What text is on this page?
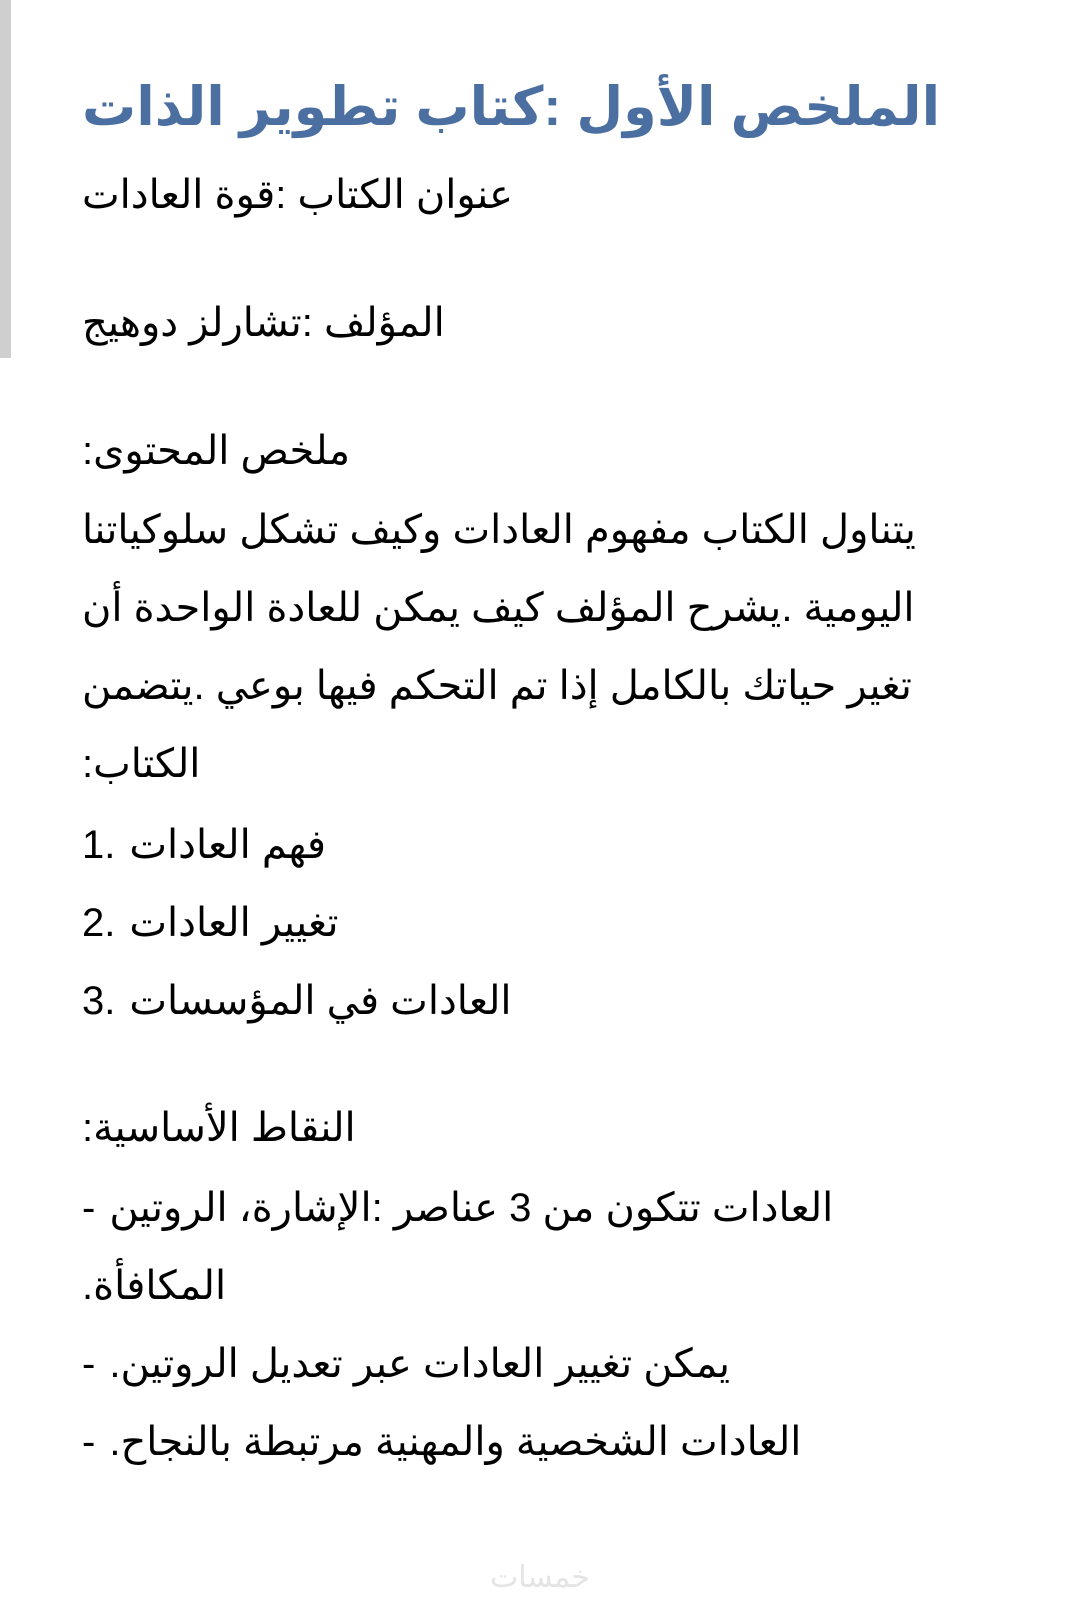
الملخص الأول :كتاب تطوير الذات
عنوان الكتاب :قوة العادات
المؤلف :تشارلز دوهيج
ملخص المحتوى:
يتناول الكتاب مفهوم العادات وكيف تشكل سلوكياتنا
اليومية .يشرح المؤلف كيف يمكن للعادة الواحدة أن
تغير حياتك بالكامل إذا تم التحكم فيها بوعي .يتضمن
الكتاب:
1. فهم العادات
2. تغيير العادات
3. العادات في المؤسسات
النقاط الأساسية:
- العادات تتكون من 3 عناصر :الإشارة، الروتين
المكافأة.
- يمكن تغيير العادات عبر تعديل الروتين.
- العادات الشخصية والمهنية مرتبطة بالنجاح.
خمسات
